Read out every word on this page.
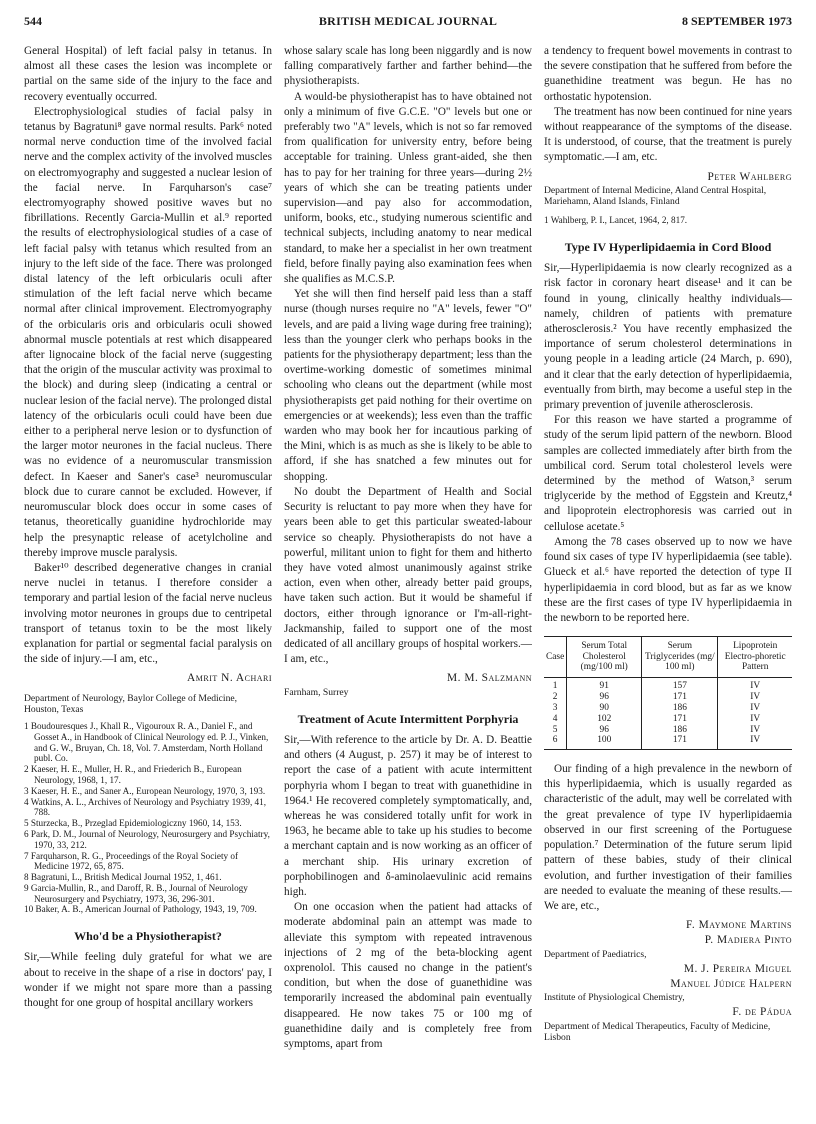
544	BRITISH MEDICAL JOURNAL	8 SEPTEMBER 1973

General Hospital) of left facial palsy in tetanus. In almost all these cases the lesion was incomplete or partial on the same side of the injury to the face and recovery eventually occurred.

Electrophysiological studies of facial palsy in tetanus by Bagratuni⁸ gave normal results. Park⁶ noted normal nerve conduction time of the involved facial nerve and the complex activity of the involved muscles on electromyography and suggested a nuclear lesion of the facial nerve. In Farquharson's case⁷ electromyography showed positive waves but no fibrillations. Recently Garcia-Mullin et al.⁹ reported the results of electrophysiological studies of a case of left facial palsy with tetanus which resulted from an injury to the left side of the face. There was prolonged distal latency of the left orbicularis oculi after stimulation of the left facial nerve which became normal after clinical improvement. Electromyography of the orbicularis oris and orbicularis oculi showed abnormal muscle potentials at rest which disappeared after lignocaine block of the facial nerve (suggesting that the origin of the muscular activity was proximal to the block) and during sleep (indicating a central or nuclear lesion of the facial nerve). The prolonged distal latency of the orbicularis oculi could have been due either to a peripheral nerve lesion or to dysfunction of the larger motor neurones in the facial nucleus. There was no evidence of a neuromuscular transmission defect. In Kaeser and Saner's case³ neuromuscular block due to curare cannot be excluded. However, if neuromuscular block does occur in some cases of tetanus, theoretically guanidine hydrochloride may help the presynaptic release of acetylcholine and thereby improve muscle paralysis.

Baker¹⁰ described degenerative changes in cranial nerve nuclei in tetanus. I therefore consider a temporary and partial lesion of the facial nerve nucleus involving motor neurones in groups due to centripetal transport of tetanus toxin to be the most likely explanation for partial or segmental facial paralysis on the side of injury.—I am, etc.,

Amrit N. Achari
Department of Neurology, Baylor College of Medicine, Houston, Texas
1 Boudouresques J., Khall R., Vigouroux R. A., Daniel F., and Gosset A., in Handbook of Clinical Neurology ed. P. J., Vinken, and G. W., Bruyan, Ch. 18, Vol. 7. Amsterdam, North Holland publ. Co.
2 Kaeser, H. E., Muller, H. R., and Friederich B., European Neurology, 1968, 1, 17.
3 Kaeser, H. E., and Saner A., European Neurology, 1970, 3, 193.
4 Watkins, A. L., Archives of Neurology and Psychiatry 1939, 41, 788.
5 Sturzecka, B., Przeglad Epidemiologiczny 1960, 14, 153.
6 Park, D. M., Journal of Neurology, Neurosurgery and Psychiatry, 1970, 33, 212.
7 Farquharson, R. G., Proceedings of the Royal Society of Medicine 1972, 65, 875.
8 Bagratuni, L., British Medical Journal 1952, 1, 461.
9 Garcia-Mullin, R., and Daroff, R. B., Journal of Neurology Neurosurgery and Psychiatry, 1973, 36, 296-301.
10 Baker, A. B., American Journal of Pathology, 1943, 19, 709.
Who'd be a Physiotherapist?

Sir,—While feeling duly grateful for what we are about to receive in the shape of a rise in doctors' pay, I wonder if we might not spare more than a passing thought for one group of hospital ancillary workers

whose salary scale has long been niggardly and is now falling comparatively farther and farther behind—the physiotherapists.

A would-be physiotherapist has to have obtained not only a minimum of five G.C.E. "O" levels but one or preferably two "A" levels, which is not so far removed from qualification for university entry, before being acceptable for training. Unless grant-aided, she then has to pay for her training for three years—during 2½ years of which she can be treating patients under supervision—and pay also for accommodation, uniform, books, etc., studying numerous scientific and technical subjects, including anatomy to near medical standard, to make her a specialist in her own treatment field, before finally paying also examination fees when she qualifies as M.C.S.P.

Yet she will then find herself paid less than a staff nurse (though nurses require no "A" levels, fewer "O" levels, and are paid a living wage during free training); less than the younger clerk who perhaps books in the patients for the physiotherapy department; less than the overtime-working domestic of sometimes minimal schooling who cleans out the department (while most physiotherapists get paid nothing for their overtime on emergencies or at weekends); less even than the traffic warden who may book her for incautious parking of the Mini, which is as much as she is likely to be able to afford, if she has snatched a few minutes out for shopping.

No doubt the Department of Health and Social Security is reluctant to pay more when they have for years been able to get this particular sweated-labour service so cheaply. Physiotherapists do not have a powerful, militant union to fight for them and hitherto they have voted almost unanimously against strike action, even when other, already better paid groups, have taken such action. But it would be shameful if doctors, either through ignorance or I'm-all-right-Jackmanship, failed to support one of the most dedicated of all ancillary groups of hospital workers.—I am, etc.,

M. M. Salzmann
Farnham, Surrey
Treatment of Acute Intermittent Porphyria

Sir,—With reference to the article by Dr. A. D. Beattie and others (4 August, p. 257) it may be of interest to report the case of a patient with acute intermittent porphyria whom I began to treat with guanethidine in 1964.¹ He recovered completely symptomatically, and, whereas he was considered totally unfit for work in 1963, he became able to take up his studies to become a merchant captain and is now working as an officer of a merchant ship. His urinary excretion of porphobilinogen and δ-aminolaevulinic acid remains high.

On one occasion when the patient had attacks of moderate abdominal pain an attempt was made to alleviate this symptom with repeated intravenous injections of 2 mg of the beta-blocking agent oxprenolol. This caused no change in the patient's condition, but when the dose of guanethidine was temporarily increased the abdominal pain eventually disappeared. He now takes 75 or 100 mg of guanethidine daily and is completely free from symptoms, apart from

a tendency to frequent bowel movements in contrast to the severe constipation that he suffered from before the guanethidine treatment was begun. He has no orthostatic hypotension.

The treatment has now been continued for nine years without reappearance of the symptoms of the disease. It is understood, of course, that the treatment is purely symptomatic.—I am, etc.

Peter Wahlberg
Department of Internal Medicine, Aland Central Hospital, Mariehamn, Aland Islands, Finland
1 Wahlberg, P. I., Lancet, 1964, 2, 817.
Type IV Hyperlipidaemia in Cord Blood

Sir,—Hyperlipidaemia is now clearly recognized as a risk factor in coronary heart disease¹ and it can be found in young, clinically healthy individuals—namely, children of patients with premature atherosclerosis.² You have recently emphasized the importance of serum cholesterol determinations in young people in a leading article (24 March, p. 690), and it clear that the early detection of hyperlipidaemia, eventually from birth, may become a useful step in the primary prevention of juvenile atherosclerosis.

For this reason we have started a programme of study of the serum lipid pattern of the newborn. Blood samples are collected immediately after birth from the umbilical cord. Serum total cholesterol levels were determined by the method of Watson,³ serum triglyceride by the method of Eggstein and Kreutz,⁴ and lipoprotein electrophoresis was carried out in cellulose acetate.⁵

Among the 78 cases observed up to now we have found six cases of type IV hyperlipidaemia (see table). Glueck et al.⁶ have reported the detection of type II hyperlipidaemia in cord blood, but as far as we know these are the first cases of type IV hyperlipidaemia in the newborn to be reported here.

Case	Serum Total Cholesterol (mg/100 ml)	Serum Triglycerides (mg/ 100 ml)	Lipoprotein Electro-phoretic Pattern
1	91	157	IV
2	96	171	IV
3	90	186	IV
4	102	171	IV
5	96	186	IV
6	100	171	IV

Our finding of a high prevalence in the newborn of this hyperlipidaemia, which is usually regarded as characteristic of the adult, may well be correlated with the great prevalence of type IV hyperlipidaemia observed in our first screening of the Portuguese population.⁷ Determination of the future serum lipid pattern of these babies, study of their clinical evolution, and further investigation of their families are needed to evaluate the meaning of these results.—We are, etc.,

F. Maymone Martins
P. Madiera Pinto
Department of Paediatrics,
M. J. Pereira Miguel
Manuel Júdice Halpern
Institute of Physiological Chemistry,
F. de Pádua
Department of Medical Therapeutics, Faculty of Medicine, Lisbon
